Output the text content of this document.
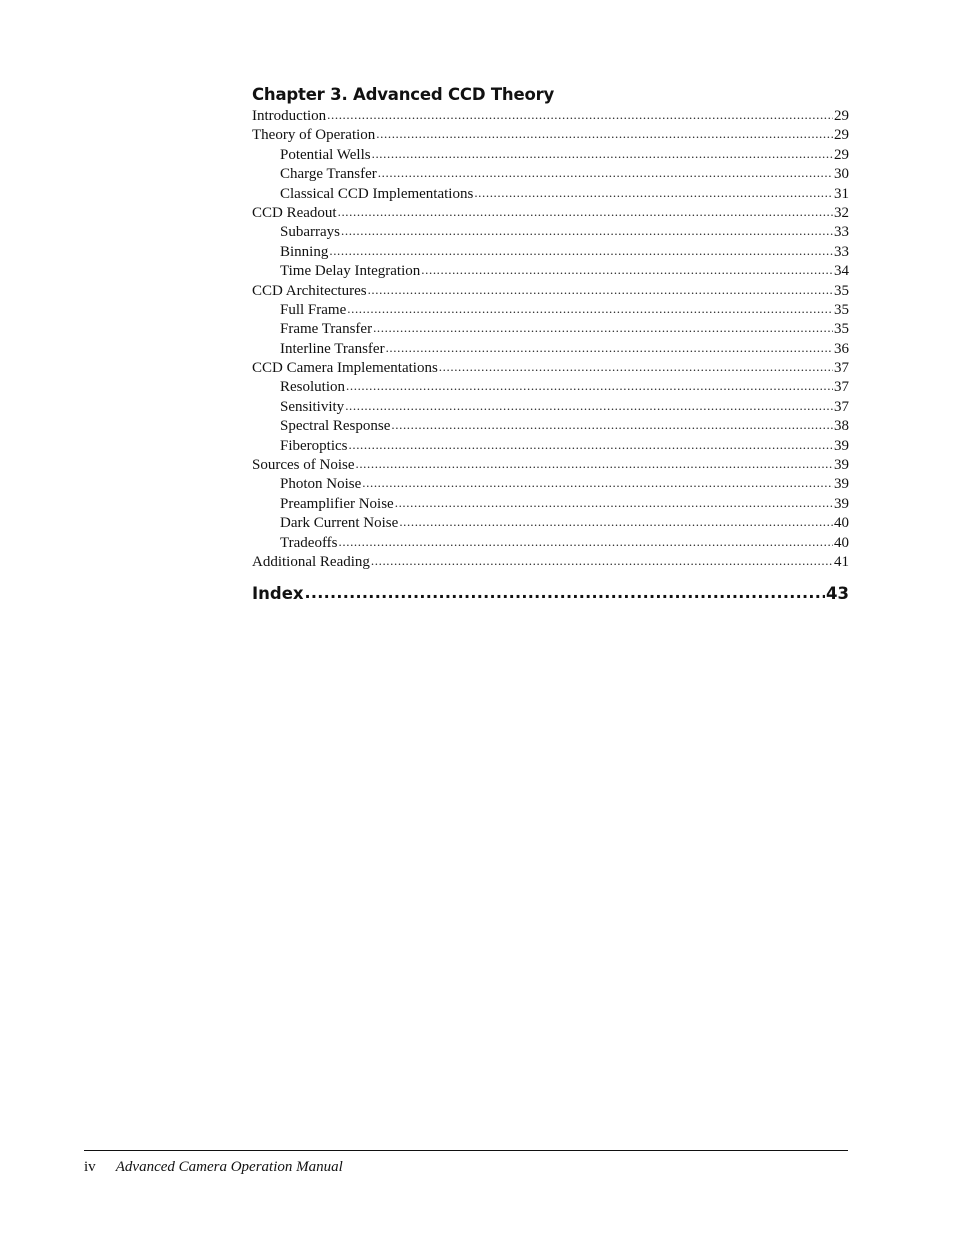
Chapter 3. Advanced CCD Theory
Introduction .....	29
Theory of Operation .....	29
Potential Wells .....	29
Charge Transfer .....	30
Classical CCD Implementations .....	31
CCD Readout .....	32
Subarrays .....	33
Binning .....	33
Time Delay Integration .....	34
CCD Architectures .....	35
Full Frame .....	35
Frame Transfer .....	35
Interline Transfer .....	36
CCD Camera Implementations .....	37
Resolution .....	37
Sensitivity .....	37
Spectral Response .....	38
Fiberoptics .....	39
Sources of Noise .....	39
Photon Noise .....	39
Preamplifier Noise .....	39
Dark Current Noise .....	40
Tradeoffs .....	40
Additional Reading .....	41
Index .....	43
iv Advanced Camera Operation Manual
